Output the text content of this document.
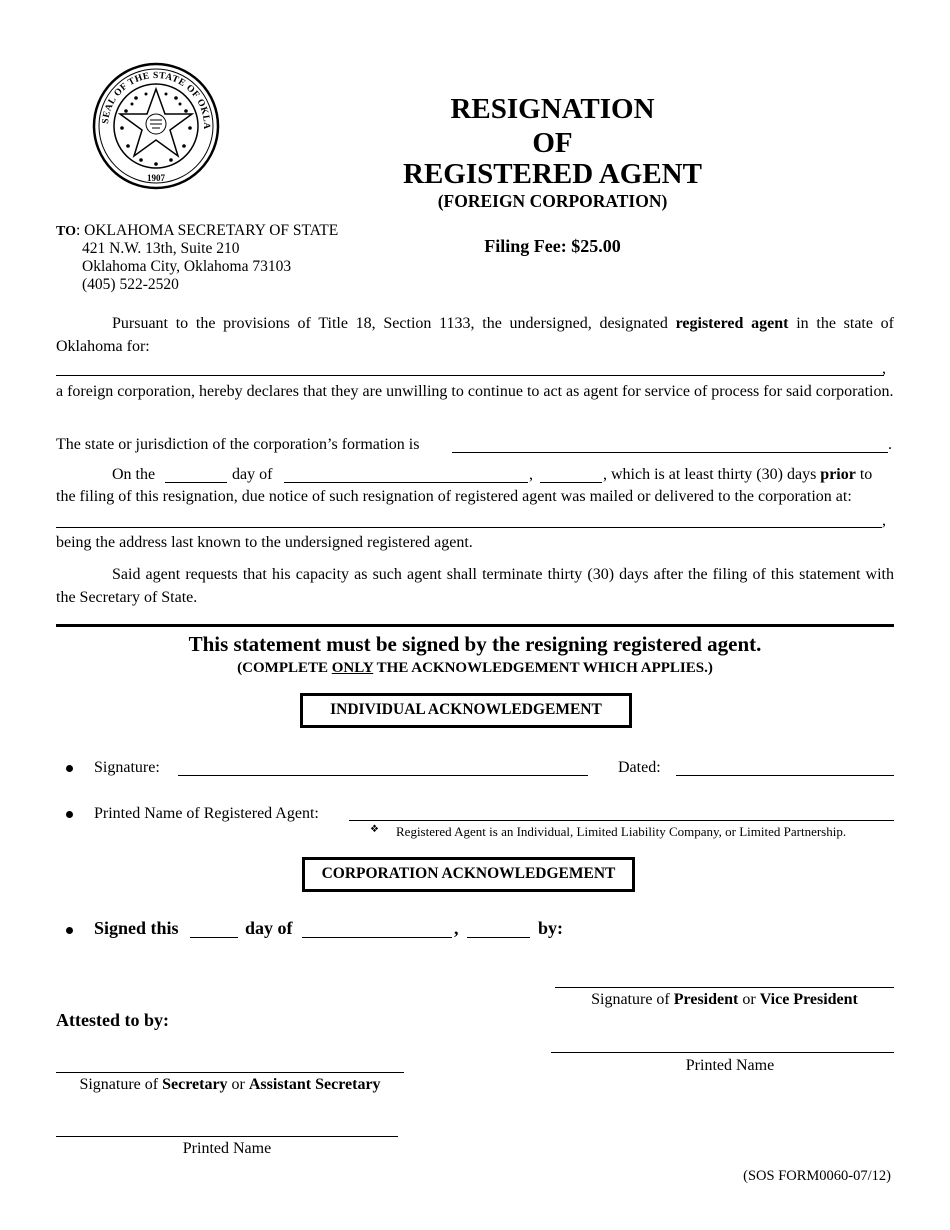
SEAL OF THE STATE OF OKLA
1907
RESIGNATION
OF
REGISTERED AGENT
(FOREIGN CORPORATION)
Filing Fee: $25.00
TO: OKLAHOMA SECRETARY OF STATE
421 N.W. 13th, Suite 210
Oklahoma City, Oklahoma 73103
(405) 522-2520
Pursuant to the provisions of Title 18, Section 1133, the undersigned, designated registered agent in the state of Oklahoma for:
,
a foreign corporation, hereby declares that they are unwilling to continue to act as agent for service of process for said corporation.
The state or jurisdiction of the corporation’s formation is	.
On the	day of	,	, which is at least thirty (30) days prior to
the filing of this resignation, due notice of such resignation of registered agent was mailed or delivered to the corporation at:
,
being the address last known to the undersigned registered agent.
Said agent requests that his capacity as such agent shall terminate thirty (30) days after the filing of this statement with the Secretary of State.
This statement must be signed by the resigning registered agent.
(COMPLETE ONLY THE ACKNOWLEDGEMENT WHICH APPLIES.)
INDIVIDUAL ACKNOWLEDGEMENT
Signature:	Dated:
Printed Name of Registered Agent:
❖ Registered Agent is an Individual, Limited Liability Company, or Limited Partnership.
CORPORATION ACKNOWLEDGEMENT
Signed this	day of	,	by:
Signature of President or Vice President
Attested to by:
Printed Name
Signature of Secretary or Assistant Secretary
Printed Name
(SOS FORM0060-07/12)
